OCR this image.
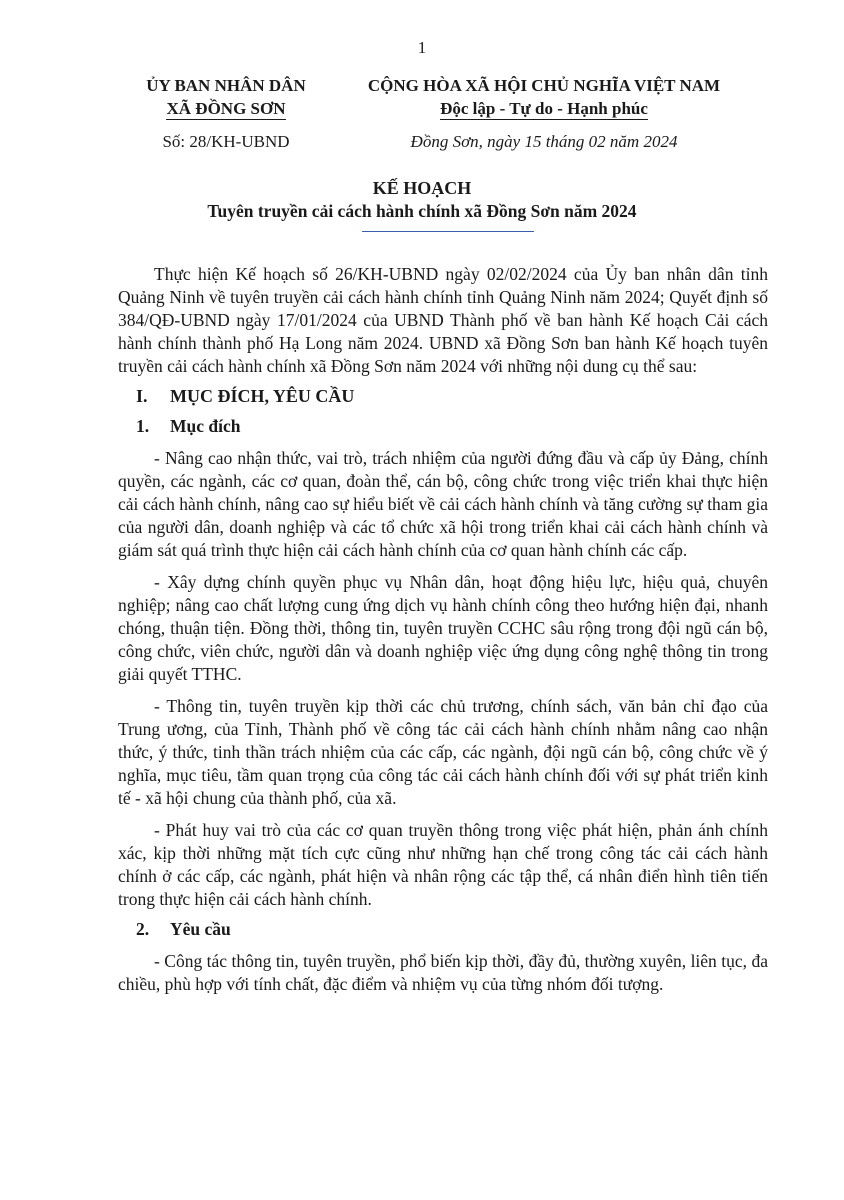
1
ỦY BAN NHÂN DÂN
XÃ ĐỒNG SƠN
CỘNG HÒA XÃ HỘI CHỦ NGHĨA VIỆT NAM
Độc lập - Tự do - Hạnh phúc
Số: 28/KH-UBND	Đồng Sơn, ngày 15 tháng 02 năm 2024
KẾ HOẠCH
Tuyên truyền cải cách hành chính xã Đồng Sơn năm 2024

Thực hiện Kế hoạch số 26/KH-UBND ngày 02/02/2024 của Ủy ban nhân dân tỉnh Quảng Ninh về tuyên truyền cải cách hành chính tỉnh Quảng Ninh năm 2024; Quyết định số 384/QĐ-UBND ngày 17/01/2024 của UBND Thành phố về ban hành Kế hoạch Cải cách hành chính thành phố Hạ Long năm 2024. UBND xã Đồng Sơn ban hành Kế hoạch tuyên truyền cải cách hành chính xã Đồng Sơn năm 2024 với những nội dung cụ thể sau:

I. MỤC ĐÍCH, YÊU CẦU

1. Mục đích

- Nâng cao nhận thức, vai trò, trách nhiệm của người đứng đầu và cấp ủy Đảng, chính quyền, các ngành, các cơ quan, đoàn thể, cán bộ, công chức trong việc triển khai thực hiện cải cách hành chính, nâng cao sự hiểu biết về cải cách hành chính và tăng cường sự tham gia của người dân, doanh nghiệp và các tổ chức xã hội trong triển khai cải cách hành chính và giám sát quá trình thực hiện cải cách hành chính của cơ quan hành chính các cấp.

- Xây dựng chính quyền phục vụ Nhân dân, hoạt động hiệu lực, hiệu quả, chuyên nghiệp; nâng cao chất lượng cung ứng dịch vụ hành chính công theo hướng hiện đại, nhanh chóng, thuận tiện. Đồng thời, thông tin, tuyên truyền CCHC sâu rộng trong đội ngũ cán bộ, công chức, viên chức, người dân và doanh nghiệp việc ứng dụng công nghệ thông tin trong giải quyết TTHC.

- Thông tin, tuyên truyền kịp thời các chủ trương, chính sách, văn bản chỉ đạo của Trung ương, của Tỉnh, Thành phố về công tác cải cách hành chính nhằm nâng cao nhận thức, ý thức, tinh thần trách nhiệm của các cấp, các ngành, đội ngũ cán bộ, công chức về ý nghĩa, mục tiêu, tầm quan trọng của công tác cải cách hành chính đối với sự phát triển kinh tế - xã hội chung của thành phố, của xã.

- Phát huy vai trò của các cơ quan truyền thông trong việc phát hiện, phản ánh chính xác, kịp thời những mặt tích cực cũng như những hạn chế trong công tác cải cách hành chính ở các cấp, các ngành, phát hiện và nhân rộng các tập thể, cá nhân điển hình tiên tiến trong thực hiện cải cách hành chính.

2. Yêu cầu

- Công tác thông tin, tuyên truyền, phổ biến kịp thời, đầy đủ, thường xuyên, liên tục, đa chiều, phù hợp với tính chất, đặc điểm và nhiệm vụ của từng nhóm đối tượng.
